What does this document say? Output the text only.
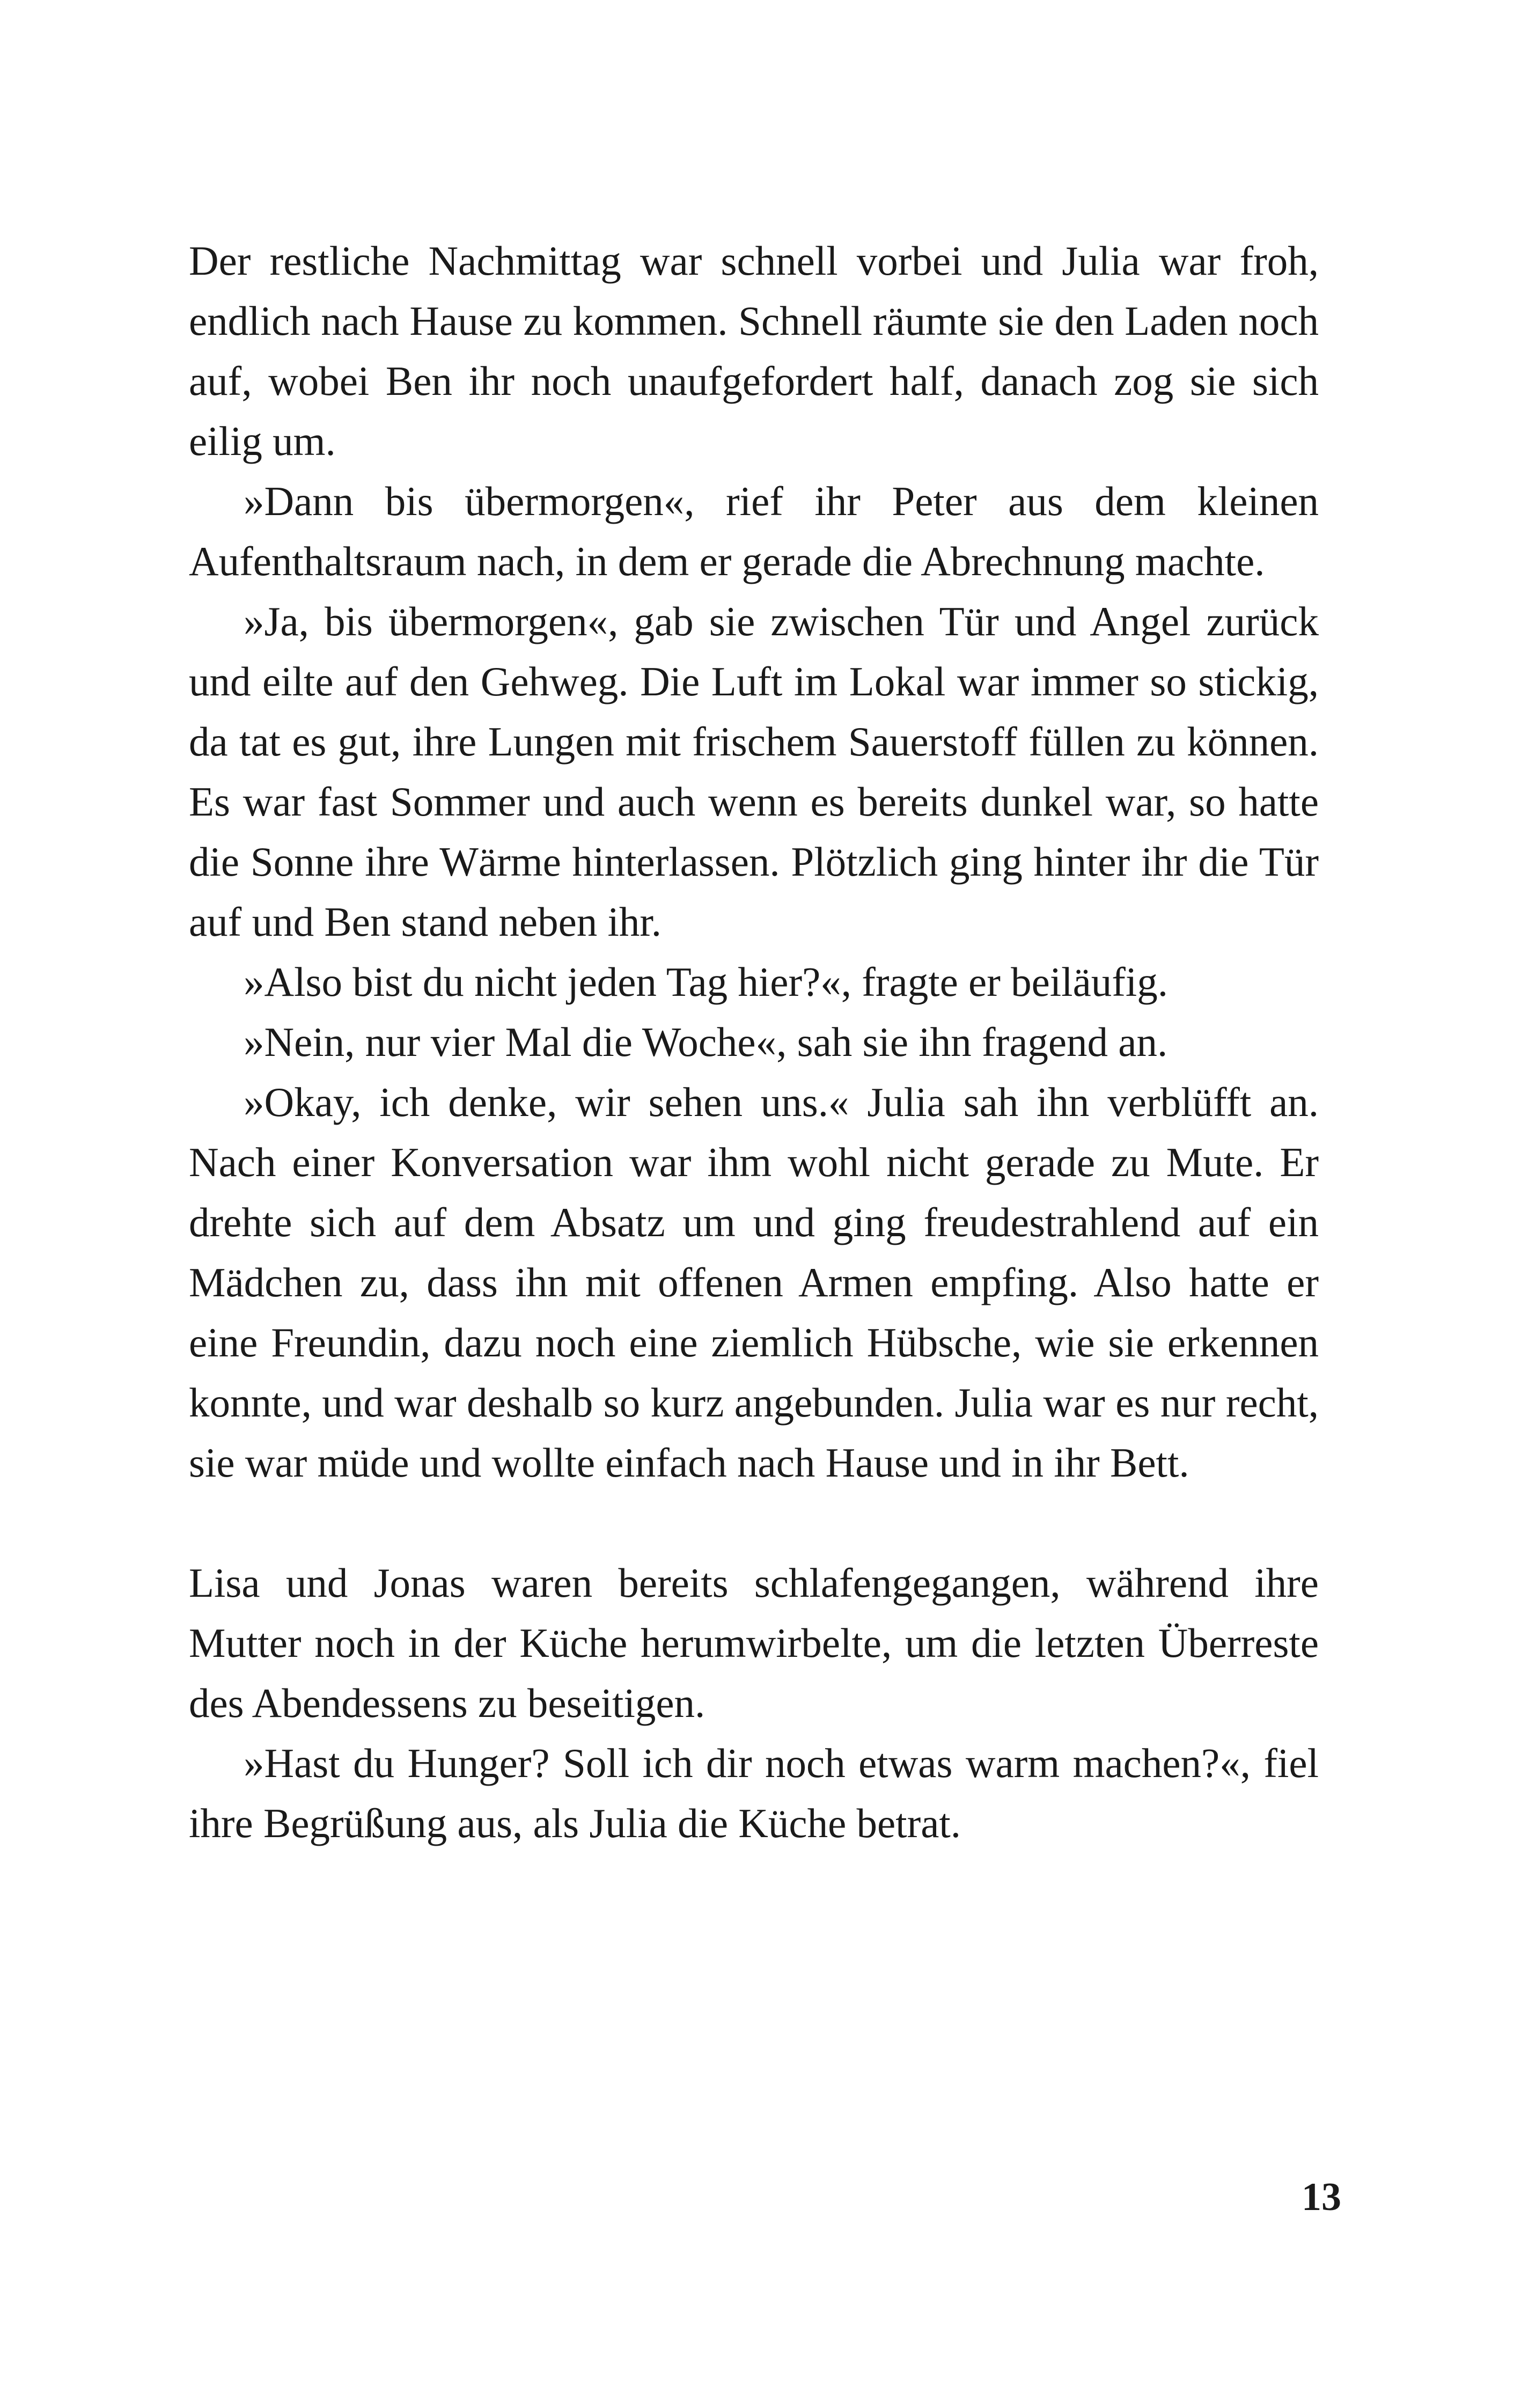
Der restliche Nachmittag war schnell vorbei und Julia war froh, endlich nach Hause zu kommen. Schnell räumte sie den Laden noch auf, wobei Ben ihr noch unaufgefordert half, danach zog sie sich eilig um.

»Dann bis übermorgen«, rief ihr Peter aus dem kleinen Aufenthaltsraum nach, in dem er gerade die Abrechnung machte.

»Ja, bis übermorgen«, gab sie zwischen Tür und Angel zurück und eilte auf den Gehweg. Die Luft im Lokal war immer so stickig, da tat es gut, ihre Lungen mit frischem Sauerstoff füllen zu können. Es war fast Sommer und auch wenn es bereits dunkel war, so hatte die Sonne ihre Wärme hinterlassen. Plötzlich ging hinter ihr die Tür auf und Ben stand neben ihr.

»Also bist du nicht jeden Tag hier?«, fragte er beiläufig.

»Nein, nur vier Mal die Woche«, sah sie ihn fragend an.

»Okay, ich denke, wir sehen uns.« Julia sah ihn verblüfft an. Nach einer Konversation war ihm wohl nicht gerade zu Mute. Er drehte sich auf dem Absatz um und ging freudestrahlend auf ein Mädchen zu, dass ihn mit offenen Armen empfing. Also hatte er eine Freundin, dazu noch eine ziemlich Hübsche, wie sie erkennen konnte, und war deshalb so kurz angebunden. Julia war es nur recht, sie war müde und wollte einfach nach Hause und in ihr Bett.

Lisa und Jonas waren bereits schlafengegangen, während ihre Mutter noch in der Küche herumwirbelte, um die letzten Überreste des Abendessens zu beseitigen.

»Hast du Hunger? Soll ich dir noch etwas warm machen?«, fiel ihre Begrüßung aus, als Julia die Küche betrat.

13
